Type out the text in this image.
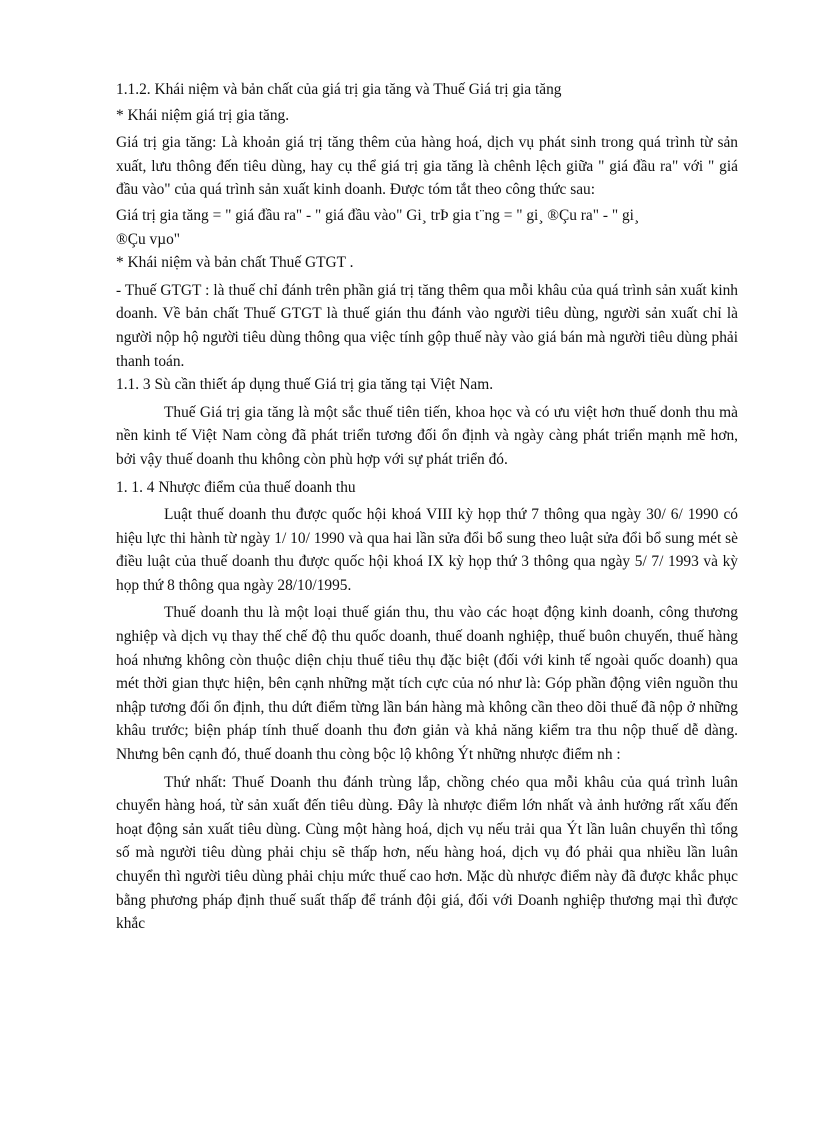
1.1.2. Khái niệm và bản chất của giá trị gia tăng và Thuế Giá trị gia tăng

* Khái niệm giá trị gia tăng.

Giá trị gia tăng: Là khoản giá trị tăng thêm của hàng hoá, dịch vụ phát sinh trong quá trình từ sản xuất, lưu thông đến tiêu dùng, hay cụ thể giá trị gia tăng là chênh lệch giữa " giá đầu ra" với " giá đầu vào" của quá trình sản xuất kinh doanh. Được tóm tắt theo công thức sau:

Giá trị gia tăng = " giá đầu ra" - " giá đầu vào" Gi¸ trÞ gia t¨ng = " gi¸ ®Çu ra" - " gi¸

®Çu vµo"

* Khái niệm và bản chất Thuế GTGT .

- Thuế GTGT : là thuế chỉ đánh trên phần giá trị tăng thêm qua mỗi khâu của quá trình sản xuất kinh doanh. Về bản chất Thuế GTGT là thuế gián thu đánh vào người tiêu dùng, người sản xuất chỉ là người nộp hộ người tiêu dùng thông qua việc tính gộp thuế này vào giá bán mà người tiêu dùng phải thanh toán.

1.1. 3 Sù cần thiết áp dụng thuế Giá trị gia tăng tại Việt Nam.

Thuế Giá trị gia tăng là một sắc thuế tiên tiến, khoa học và có ưu việt hơn thuế donh thu mà nền kinh tế Việt Nam còng đã phát triển tương đối ổn định và ngày càng phát triển mạnh mẽ hơn, bởi vậy thuế doanh thu không còn phù hợp với sự phát triển đó.

1. 1. 4 Nhược điểm của thuế doanh thu

Luật thuế doanh thu được quốc hội khoá VIII kỳ họp thứ 7 thông qua ngày 30/ 6/ 1990 có hiệu lực thi hành từ ngày 1/ 10/ 1990 và qua hai lần sửa đổi bổ sung theo luật sửa đổi bổ sung mét sè điều luật của thuế doanh thu được quốc hội khoá IX kỳ họp thứ 3 thông qua ngày 5/ 7/ 1993 và kỳ họp thứ 8 thông qua ngày 28/10/1995.

Thuế doanh thu là một loại thuế gián thu, thu vào các hoạt động kinh doanh, công thương nghiệp và dịch vụ thay thế chế độ thu quốc doanh, thuế doanh nghiệp, thuế buôn chuyến, thuế hàng hoá nhưng không còn thuộc diện chịu thuế tiêu thụ đặc biệt (đối với kinh tế ngoài quốc doanh) qua mét thời gian thực hiện, bên cạnh những mặt tích cực của nó như là: Góp phần động viên nguồn thu nhập tương đối ổn định, thu dứt điểm từng lần bán hàng mà không cần theo dõi thuế đã nộp ở những khâu trước; biện pháp tính thuế doanh thu đơn giản và khả năng kiểm tra thu nộp thuế dễ dàng. Nhưng bên cạnh đó, thuế doanh thu còng bộc lộ không Ýt những nhược điểm nh :

Thứ nhất: Thuế Doanh thu đánh trùng lắp, chồng chéo qua mỗi khâu của quá trình luân chuyển hàng hoá, từ sản xuất đến tiêu dùng. Đây là nhược điểm lớn nhất và ảnh hưởng rất xấu đến hoạt động sản xuất tiêu dùng. Cùng một hàng hoá, dịch vụ nếu trải qua Ýt lần luân chuyển thì tổng số mà người tiêu dùng phải chịu sẽ thấp hơn, nếu hàng hoá, dịch vụ đó phải qua nhiều lần luân chuyển thì người tiêu dùng phải chịu mức thuế cao hơn. Mặc dù nhược điểm này đã được khắc phục bằng phương pháp định thuế suất thấp để tránh đội giá, đối với Doanh nghiệp thương mại thì được khắc
